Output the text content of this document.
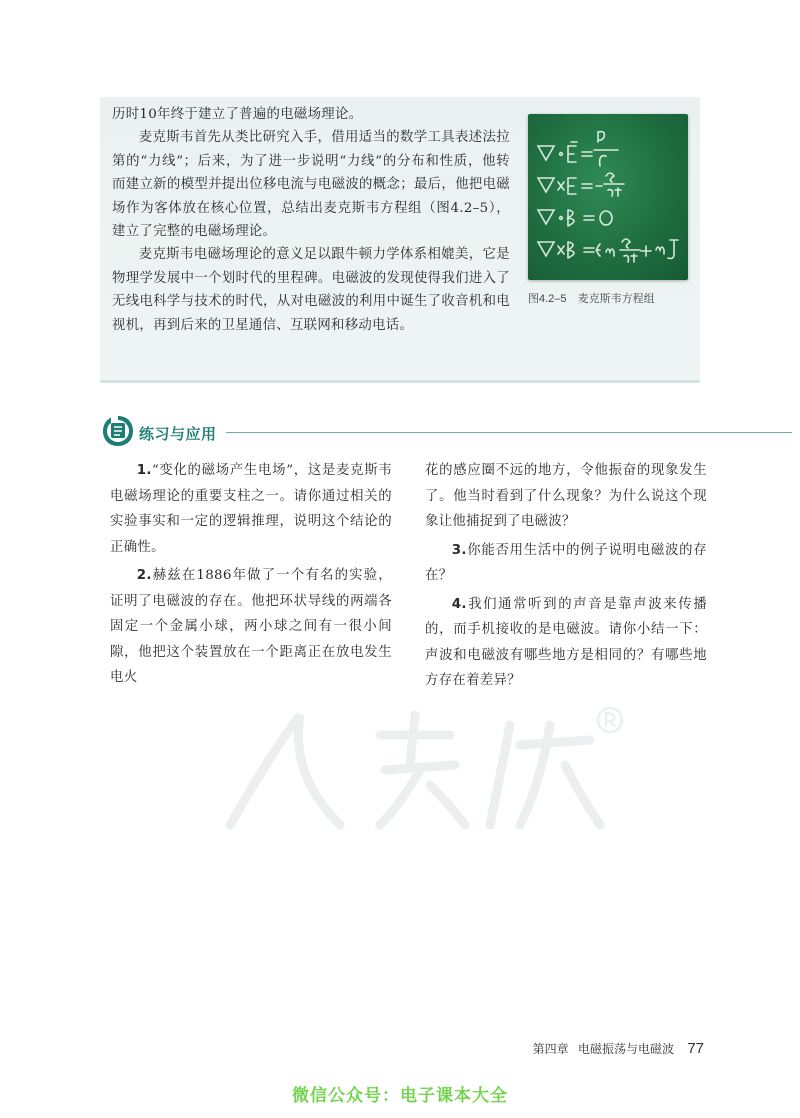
历时10年终于建立了普遍的电磁场理论。

麦克斯韦首先从类比研究入手，借用适当的数学工具表述法拉第的“力线”；后来，为了进一步说明“力线”的分布和性质，他转而建立新的模型并提出位移电流与电磁波的概念；最后，他把电磁场作为客体放在核心位置，总结出麦克斯韦方程组（图4.2–5），建立了完整的电磁场理论。

麦克斯韦电磁场理论的意义足以跟牛顿力学体系相媲美，它是物理学发展中一个划时代的里程碑。电磁波的发现使得我们进入了无线电科学与技术的时代，从对电磁波的利用中诞生了收音机和电视机，再到后来的卫星通信、互联网和移动电话。

图4.2–5 麦克斯韦方程组
练习与应用

1.“变化的磁场产生电场”，这是麦克斯韦电磁场理论的重要支柱之一。请你通过相关的实验事实和一定的逻辑推理，说明这个结论的正确性。

2.赫兹在1886年做了一个有名的实验，证明了电磁波的存在。他把环状导线的两端各固定一个金属小球，两小球之间有一很小间隙，他把这个装置放在一个距离正在放电发生电火

花的感应圈不远的地方，令他振奋的现象发生了。他当时看到了什么现象？为什么说这个现象让他捕捉到了电磁波？

3.你能否用生活中的例子说明电磁波的存在？

4.我们通常听到的声音是靠声波来传播的，而手机接收的是电磁波。请你小结一下：声波和电磁波有哪些地方是相同的？有哪些地方存在着差异？

第四章 电磁振荡与电磁波 77
微信公众号：电子课本大全
